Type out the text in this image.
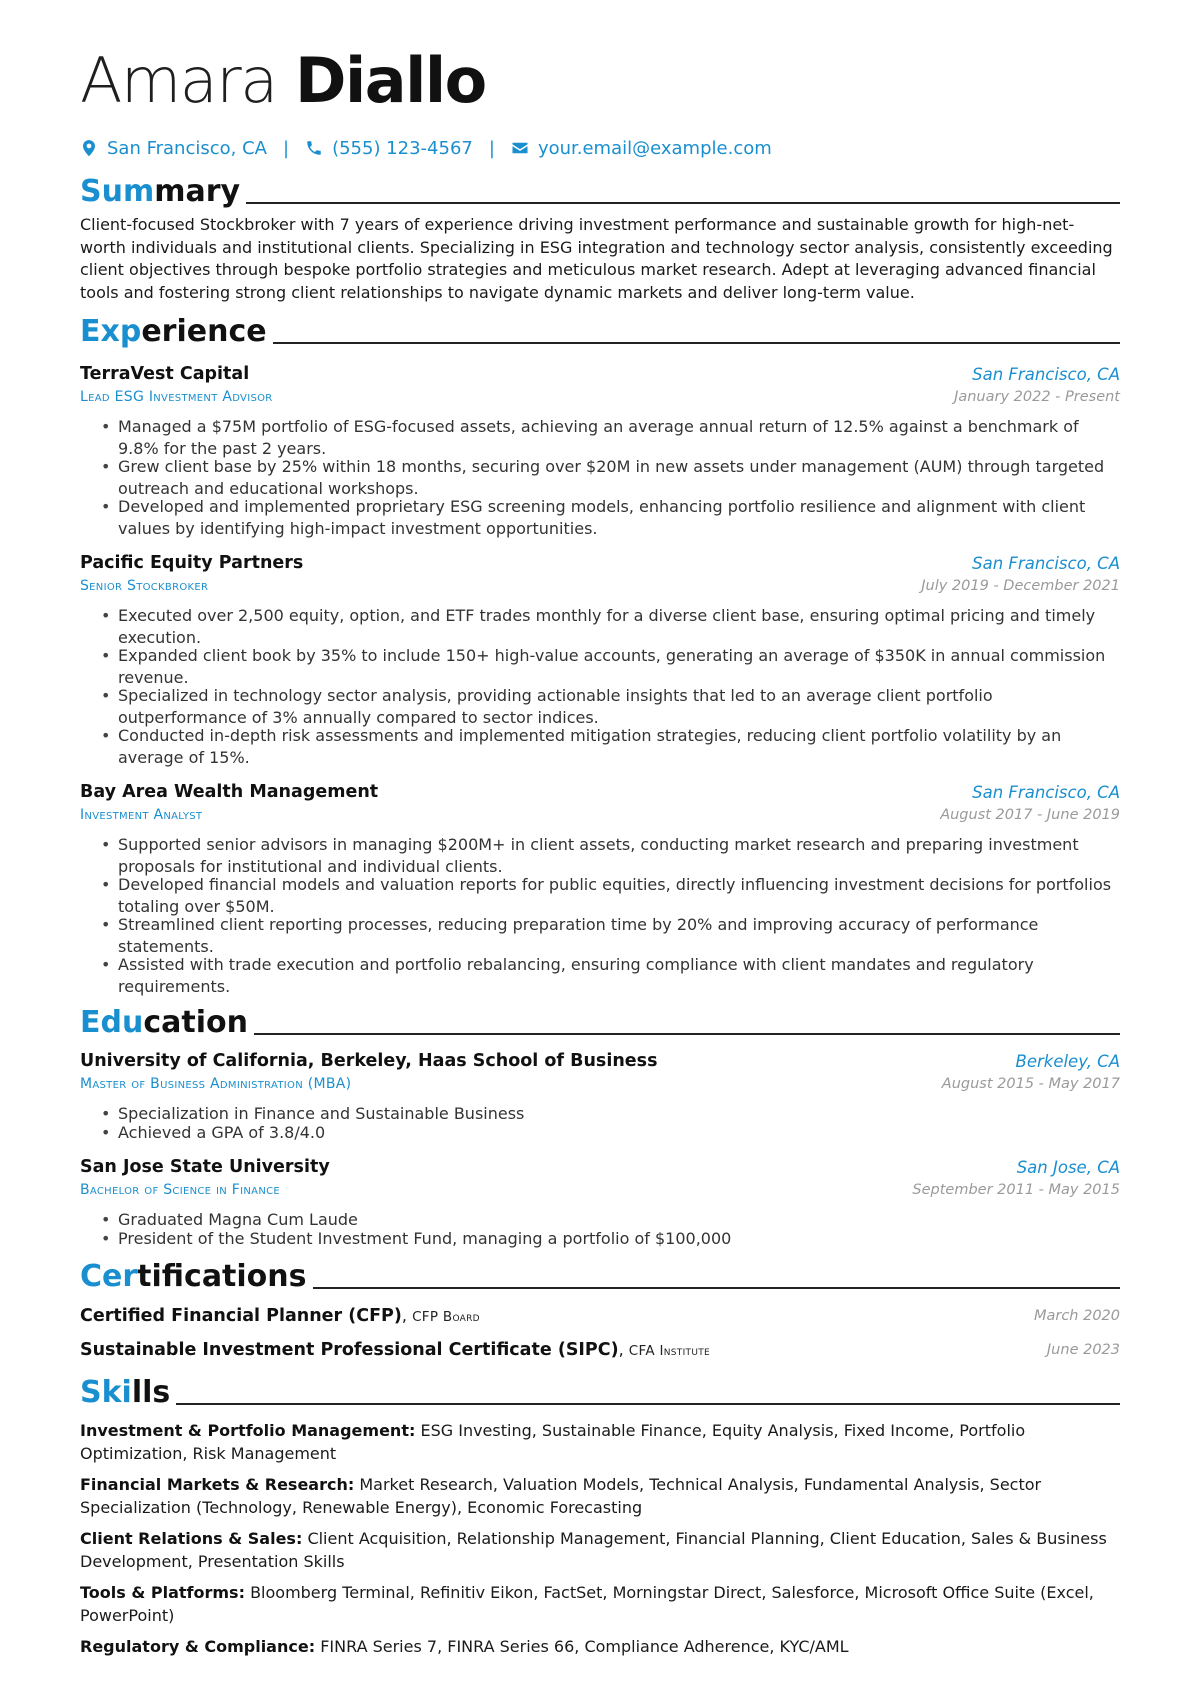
Amara Diallo
San Francisco, CA | (555) 123-4567 | your.email@example.com
Summary
Client-focused Stockbroker with 7 years of experience driving investment performance and sustainable growth for high-net-worth individuals and institutional clients. Specializing in ESG integration and technology sector analysis, consistently exceeding client objectives through bespoke portfolio strategies and meticulous market research. Adept at leveraging advanced financial tools and fostering strong client relationships to navigate dynamic markets and deliver long-term value.
Experience
TerraVest Capital	San Francisco, CA
Lead ESG Investment Advisor	January 2022 - Present
• Managed a $75M portfolio of ESG-focused assets, achieving an average annual return of 12.5% against a benchmark of 9.8% for the past 2 years.
• Grew client base by 25% within 18 months, securing over $20M in new assets under management (AUM) through targeted outreach and educational workshops.
• Developed and implemented proprietary ESG screening models, enhancing portfolio resilience and alignment with client values by identifying high-impact investment opportunities.
Pacific Equity Partners	San Francisco, CA
Senior Stockbroker	July 2019 - December 2021
• Executed over 2,500 equity, option, and ETF trades monthly for a diverse client base, ensuring optimal pricing and timely execution.
• Expanded client book by 35% to include 150+ high-value accounts, generating an average of $350K in annual commission revenue.
• Specialized in technology sector analysis, providing actionable insights that led to an average client portfolio outperformance of 3% annually compared to sector indices.
• Conducted in-depth risk assessments and implemented mitigation strategies, reducing client portfolio volatility by an average of 15%.
Bay Area Wealth Management	San Francisco, CA
Investment Analyst	August 2017 - June 2019
• Supported senior advisors in managing $200M+ in client assets, conducting market research and preparing investment proposals for institutional and individual clients.
• Developed financial models and valuation reports for public equities, directly influencing investment decisions for portfolios totaling over $50M.
• Streamlined client reporting processes, reducing preparation time by 20% and improving accuracy of performance statements.
• Assisted with trade execution and portfolio rebalancing, ensuring compliance with client mandates and regulatory requirements.
Education
University of California, Berkeley, Haas School of Business	Berkeley, CA
Master of Business Administration (MBA)	August 2015 - May 2017
• Specialization in Finance and Sustainable Business
• Achieved a GPA of 3.8/4.0
San Jose State University	San Jose, CA
Bachelor of Science in Finance	September 2011 - May 2015
• Graduated Magna Cum Laude
• President of the Student Investment Fund, managing a portfolio of $100,000
Certifications
Certified Financial Planner (CFP), CFP Board	March 2020
Sustainable Investment Professional Certificate (SIPC), CFA Institute	June 2023
Skills
Investment & Portfolio Management: ESG Investing, Sustainable Finance, Equity Analysis, Fixed Income, Portfolio Optimization, Risk Management
Financial Markets & Research: Market Research, Valuation Models, Technical Analysis, Fundamental Analysis, Sector Specialization (Technology, Renewable Energy), Economic Forecasting
Client Relations & Sales: Client Acquisition, Relationship Management, Financial Planning, Client Education, Sales & Business Development, Presentation Skills
Tools & Platforms: Bloomberg Terminal, Refinitiv Eikon, FactSet, Morningstar Direct, Salesforce, Microsoft Office Suite (Excel, PowerPoint)
Regulatory & Compliance: FINRA Series 7, FINRA Series 66, Compliance Adherence, KYC/AML
